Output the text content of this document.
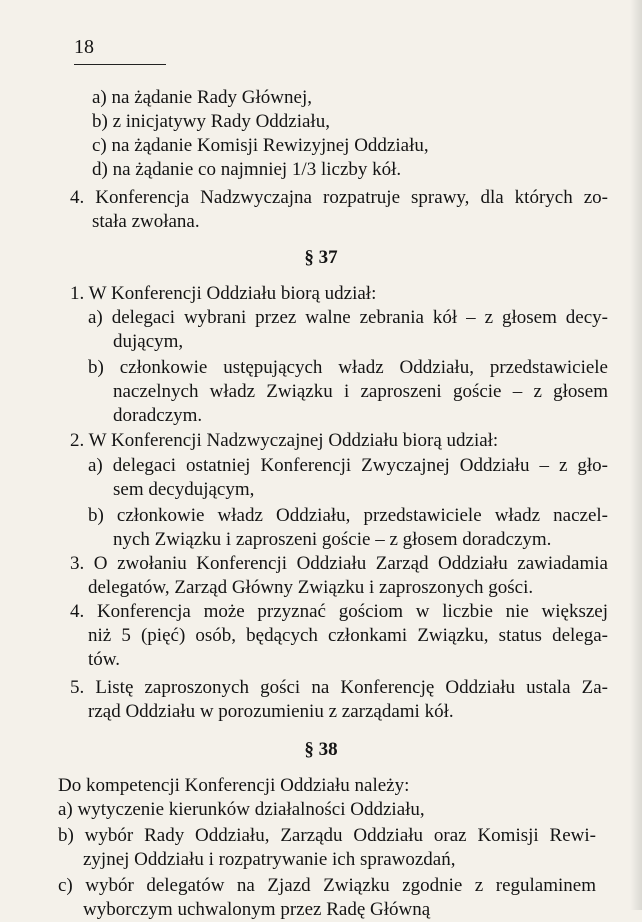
18
a) na żądanie Rady Głównej,
b) z inicjatywy Rady Oddziału,
c) na żądanie Komisji Rewizyjnej Oddziału,
d) na żądanie co najmniej 1/3 liczby kół.
4. Konferencja Nadzwyczajna rozpatruje sprawy, dla których zo-
stała zwołana.
§ 37
1. W Konferencji Oddziału biorą udział:
a) delegaci wybrani przez walne zebrania kół – z głosem decy-
dującym,
b) członkowie ustępujących władz Oddziału, przedstawiciele
naczelnych władz Związku i zaproszeni goście – z głosem
doradczym.
2. W Konferencji Nadzwyczajnej Oddziału biorą udział:
a) delegaci ostatniej Konferencji Zwyczajnej Oddziału – z gło-
sem decydującym,
b) członkowie władz Oddziału, przedstawiciele władz naczel-
nych Związku i zaproszeni goście – z głosem doradczym.
3. O zwołaniu Konferencji Oddziału Zarząd Oddziału zawiadamia
delegatów, Zarząd Główny Związku i zaproszonych gości.
4. Konferencja może przyznać gościom w liczbie nie większej
niż 5 (pięć) osób, będących członkami Związku, status delega-
tów.
5. Listę zaproszonych gości na Konferencję Oddziału ustala Za-
rząd Oddziału w porozumieniu z zarządami kół.
§ 38
Do kompetencji Konferencji Oddziału należy:
a) wytyczenie kierunków działalności Oddziału,
b) wybór Rady Oddziału, Zarządu Oddziału oraz Komisji Rewi-
zyjnej Oddziału i rozpatrywanie ich sprawozdań,
c) wybór delegatów na Zjazd Związku zgodnie z regulaminem
wyborczym uchwalonym przez Radę Główną
